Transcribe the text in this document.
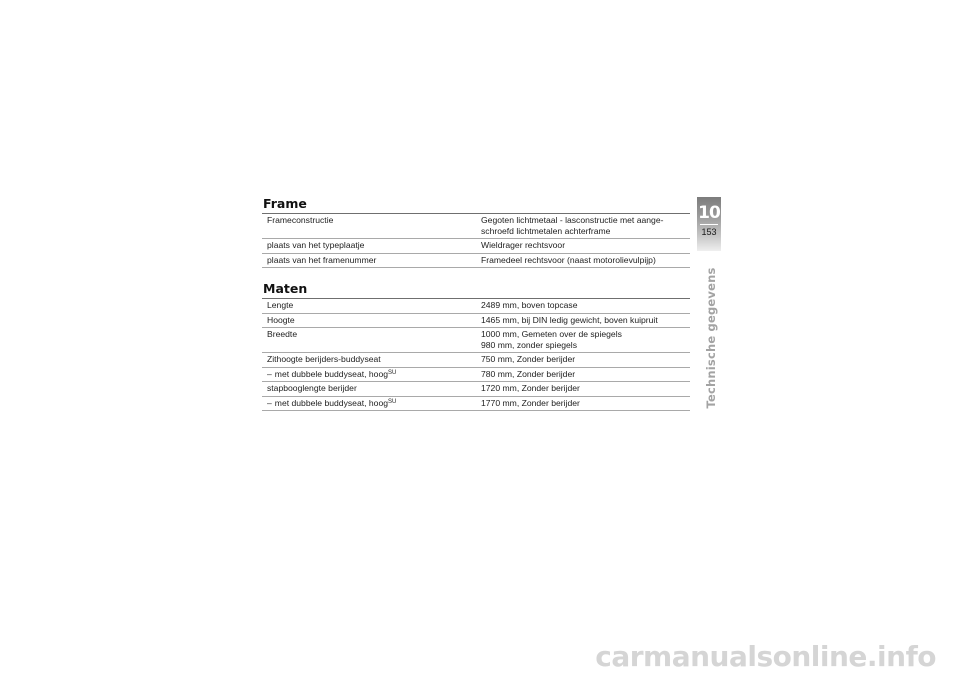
Frame
Frameconstructie	Gegoten lichtmetaal - lasconstructie met aange-
schroefd lichtmetalen achterframe
plaats van het typeplaatje	Wieldrager rechtsvoor
plaats van het framenummer	Framedeel rechtsvoor (naast motorolievulpijp)
Maten
Lengte	2489 mm, boven topcase
Hoogte	1465 mm, bij DIN ledig gewicht, boven kuipruit
Breedte	1000 mm, Gemeten over de spiegels
980 mm, zonder spiegels
Zithoogte berijders-buddyseat	750 mm, Zonder berijder
– met dubbele buddyseat, hoog$^{SU}$	780 mm, Zonder berijder
stapbooglengte berijder	1720 mm, Zonder berijder
– met dubbele buddyseat, hoog$^{SU}$	1770 mm, Zonder berijder
10
153
Technische gegevens
carmanualsonline.info
